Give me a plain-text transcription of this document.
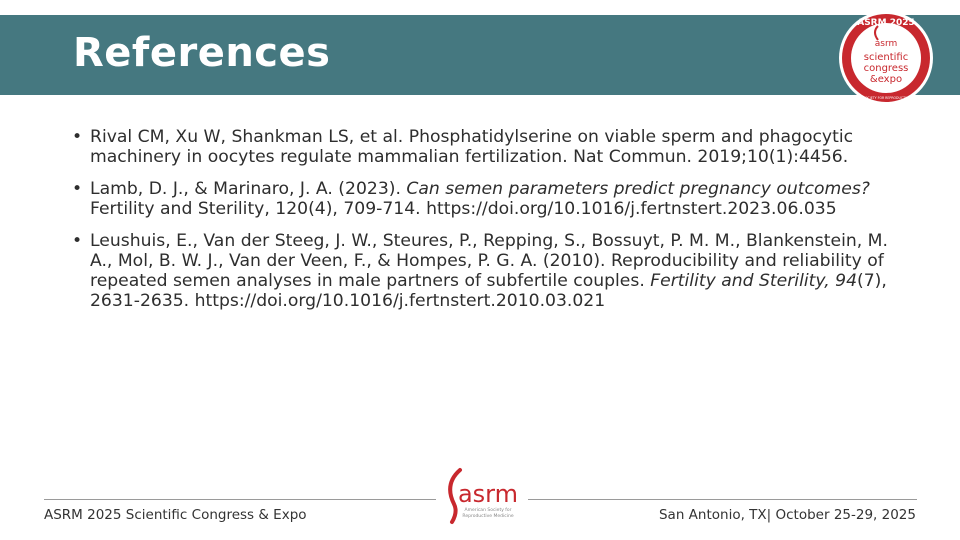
References
ASRM 2025
AMERICAN SOCIETY FOR REPRODUCTIVE MEDICINE
asrm
scientific
congress
&expo
• Rival CM, Xu W, Shankman LS, et al. Phosphatidylserine on viable sperm and phagocytic machinery in oocytes regulate mammalian fertilization. Nat Commun. 2019;10(1):4456.
• Lamb, D. J., & Marinaro, J. A. (2023). Can semen parameters predict pregnancy outcomes? Fertility and Sterility, 120(4), 709-714. https://doi.org/10.1016/j.fertnstert.2023.06.035
• Leushuis, E., Van der Steeg, J. W., Steures, P., Repping, S., Bossuyt, P. M. M., Blankenstein, M. A., Mol, B. W. J., Van der Veen, F., & Hompes, P. G. A. (2010). Reproducibility and reliability of repeated semen analyses in male partners of subfertile couples. Fertility and Sterility, 94(7), 2631-2635. https://doi.org/10.1016/j.fertnstert.2010.03.021
asrm
American Society for
Reproductive Medicine
ASRM 2025 Scientific Congress & Expo	San Antonio, TX| October 25-29, 2025
